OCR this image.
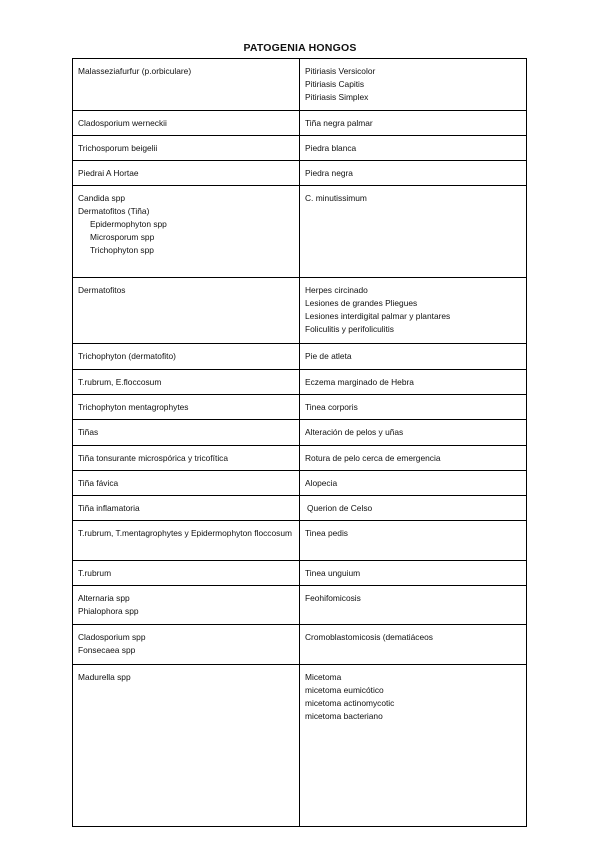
PATOGENIA HONGOS
Malasseziafurfur (p.orbiculare)	Pitiriasis Versicolor
Pitiriasis Capitis
Pitiriasis Simplex

Cladosporium werneckii	Tiña negra palmar

Trichosporum beigelii	Piedra blanca

Piedrai A Hortae	Piedra negra

Candida spp
Dermatofitos (Tiña)
Epidermophyton spp
Microsporum spp
Trichophyton spp	C. minutissimum

Dermatofitos	Herpes circinado
Lesiones de grandes Pliegues
Lesiones interdigital palmar y plantares
Foliculitis y perifoliculitis

Trichophyton (dermatofito)	Pie de atleta

T.rubrum, E.floccosum	Eczema marginado de Hebra

Trichophyton mentagrophytes	Tinea corporis

Tiñas	Alteración de pelos y uñas

Tiña tonsurante microspórica y tricofítica	Rotura de pelo cerca de emergencia

Tiña fávica	Alopecia

Tiña inflamatoria	Querion de Celso

T.rubrum, T.mentagrophytes y Epidermophyton floccosum	Tinea pedis

T.rubrum	Tinea unguium

Alternaria spp
Phialophora spp	Feohifomicosis

Cladosporium spp
Fonsecaea spp	Cromoblastomicosis (dematiáceos

Madurella spp	Micetoma
micetoma eumicótico
micetoma actinomycotic
micetoma bacteriano
